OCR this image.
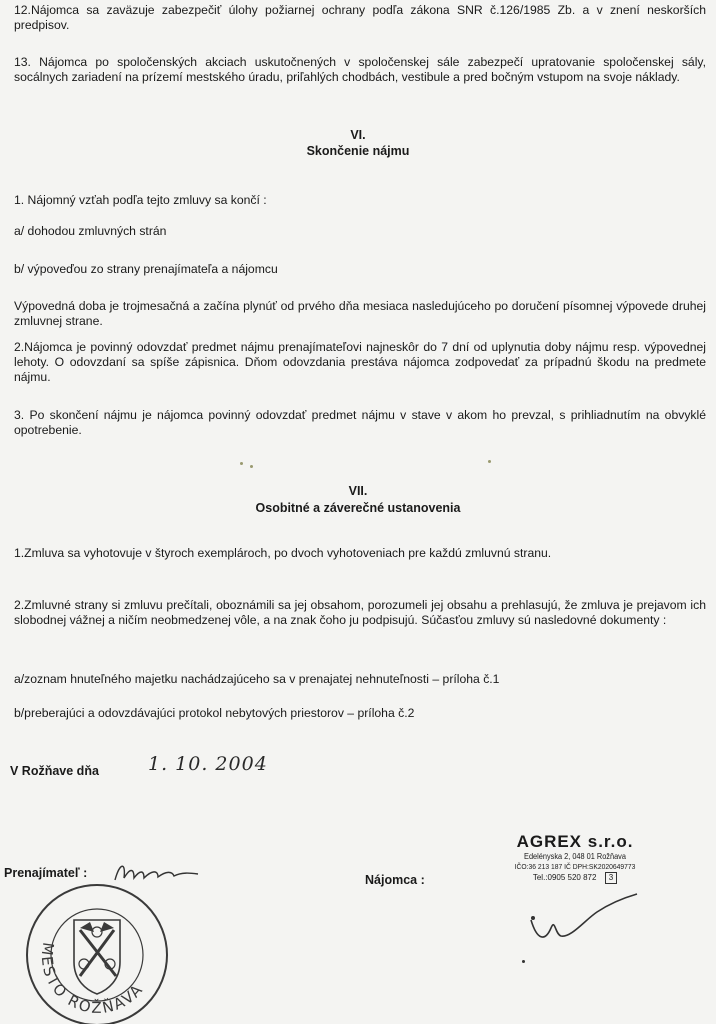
12.Nájomca sa zaväzuje zabezpečiť úlohy požiarnej ochrany podľa zákona SNR č.126/1985 Zb. a v znení neskorších predpisov.

13. Nájomca po spoločenských akciach uskutočnených v spoločenskej sále zabezpečí upratovanie spoločenskej sály, socálnych zariadení na prízemí mestského úradu, priľahlých chodbách, vestibule a pred bočným vstupom na svoje náklady.

VI.
Skončenie nájmu

1. Nájomný vzťah podľa tejto zmluvy sa končí :

a/ dohodou zmluvných strán

b/ výpoveďou zo strany prenajímateľa a nájomcu

Výpovedná doba je trojmesačná a začína plynúť od prvého dňa mesiaca nasledujúceho po doručení písomnej výpovede druhej zmluvnej strane.

2.Nájomca je povinný odovzdať predmet nájmu prenajímateľovi najneskôr do 7 dní od uplynutia doby nájmu resp. výpovednej lehoty. O odovzdaní sa spíše zápisnica. Dňom odovzdania prestáva nájomca zodpovedať za prípadnú škodu na predmete nájmu.

3. Po skončení nájmu je nájomca povinný odovzdať predmet nájmu v stave v akom ho prevzal, s prihliadnutím na obvyklé opotrebenie.

VII.
Osobitné a záverečné ustanovenia

1.Zmluva sa vyhotovuje v štyroch exemplároch, po dvoch vyhotoveniach pre každú zmluvnú stranu.

2.Zmluvné strany si zmluvu prečítali, oboznámili sa jej obsahom, porozumeli jej obsahu a prehlasujú, že zmluva je prejavom ich slobodnej vážnej a ničím neobmedzenej vôle, a na znak čoho ju podpisujú. Súčasťou zmluvy sú nasledovné dokumenty :

a/zoznam hnuteľného majetku nachádzajúceho sa v prenajatej nehnuteľnosti – príloha č.1

b/preberajúci a odovzdávajúci protokol nebytových priestorov – príloha č.2

V Rožňave dňa	1. 10. 2004
Prenajímateľ :	Nájomca :
MESTO ROŽŇAVA
AGREX s.r.o.
Edelényska 2, 048 01 Rožňava
IČO:36 213 187 IČ DPH:SK2020649773
Tel.:0905 520 872 3
